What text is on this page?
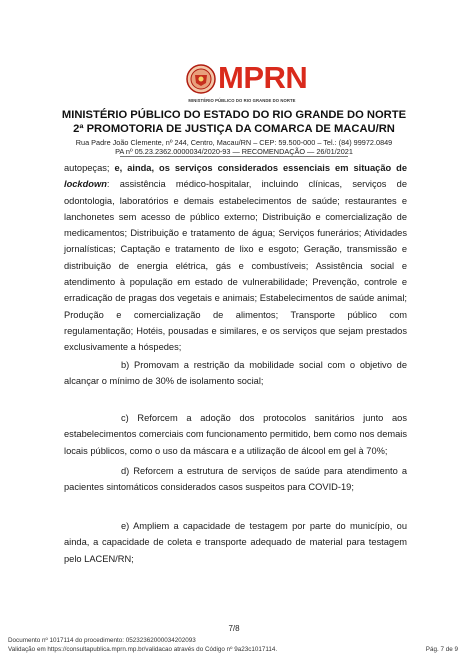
MPRN
MINISTÉRIO PÚBLICO DO RIO GRANDE DO NORTE
MINISTÉRIO PÚBLICO DO ESTADO DO RIO GRANDE DO NORTE
2ª PROMOTORIA DE JUSTIÇA DA COMARCA DE MACAU/RN
Rua Padre João Clemente, nº 244, Centro, Macau/RN – CEP: 59.500-000 – Tel.: (84) 99972.0849
PA nº 05.23.2362.0000034/2020-93 — RECOMENDAÇÃO — 26/01/2021
autopeças; e, ainda, os serviços considerados essenciais em situação de lockdown: assistência médico-hospitalar, incluindo clínicas, serviços de odontologia, laboratórios e demais estabelecimentos de saúde; restaurantes e lanchonetes sem acesso de público externo; Distribuição e comercialização de medicamentos; Distribuição e tratamento de água; Serviços funerários; Atividades jornalísticas; Captação e tratamento de lixo e esgoto; Geração, transmissão e distribuição de energia elétrica, gás e combustíveis; Assistência social e atendimento à população em estado de vulnerabilidade; Prevenção, controle e erradicação de pragas dos vegetais e animais; Estabelecimentos de saúde animal; Produção e comercialização de alimentos; Transporte público com regulamentação; Hotéis, pousadas e similares, e os serviços que sejam prestados exclusivamente a hóspedes;
b) Promovam a restrição da mobilidade social com o objetivo de alcançar o mínimo de 30% de isolamento social;
c) Reforcem a adoção dos protocolos sanitários junto aos estabelecimentos comerciais com funcionamento permitido, bem como nos demais locais públicos, como o uso da máscara e a utilização de álcool em gel à 70%;
d) Reforcem a estrutura de serviços de saúde para atendimento a pacientes sintomáticos considerados casos suspeitos para COVID-19;
e) Ampliem a capacidade de testagem por parte do município, ou ainda, a capacidade de coleta e transporte adequado de material para testagem pelo LACEN/RN;
7/8
Documento nº 1017114 do procedimento: 05232362000034202093
Validação em https://consultapublica.mprn.mp.br/validacao através do Código nº 9a23c1017114.	Pág. 7 de 9
